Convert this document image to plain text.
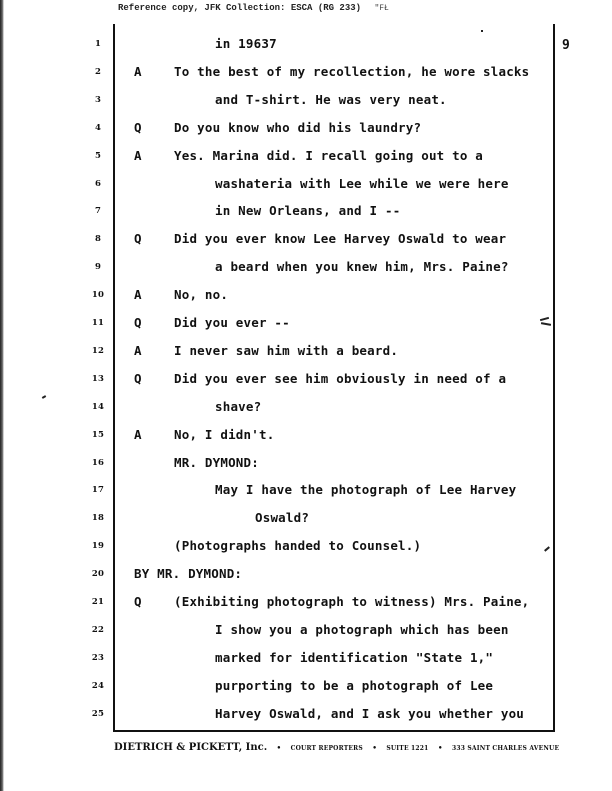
Reference copy, JFK Collection: ESCA (RG 233) "FŁ
9
1	in 19637
2	A	To the best of my recollection, he wore slacks
3	and T-shirt. He was very neat.
4	Q	Do you know who did his laundry?
5	A	Yes. Marina did. I recall going out to a
6	washateria with Lee while we were here
7	in New Orleans, and I --
8	Q	Did you ever know Lee Harvey Oswald to wear
9	a beard when you knew him, Mrs. Paine?
10	A	No, no.
11	Q	Did you ever --
12	A	I never saw him with a beard.
13	Q	Did you ever see him obviously in need of a
14	shave?
15	A	No, I didn't.
16	MR. DYMOND:
17	May I have the photograph of Lee Harvey
18	Oswald?
19	(Photographs handed to Counsel.)
20	BY MR. DYMOND:
21	Q	(Exhibiting photograph to witness) Mrs. Paine,
22	I show you a photograph which has been
23	marked for identification "State 1,"
24	purporting to be a photograph of Lee
25	Harvey Oswald, and I ask you whether you
DIETRICH & PICKETT, Inc. • COURT REPORTERS • SUITE 1221 • 333 SAINT CHARLES AVENUE
